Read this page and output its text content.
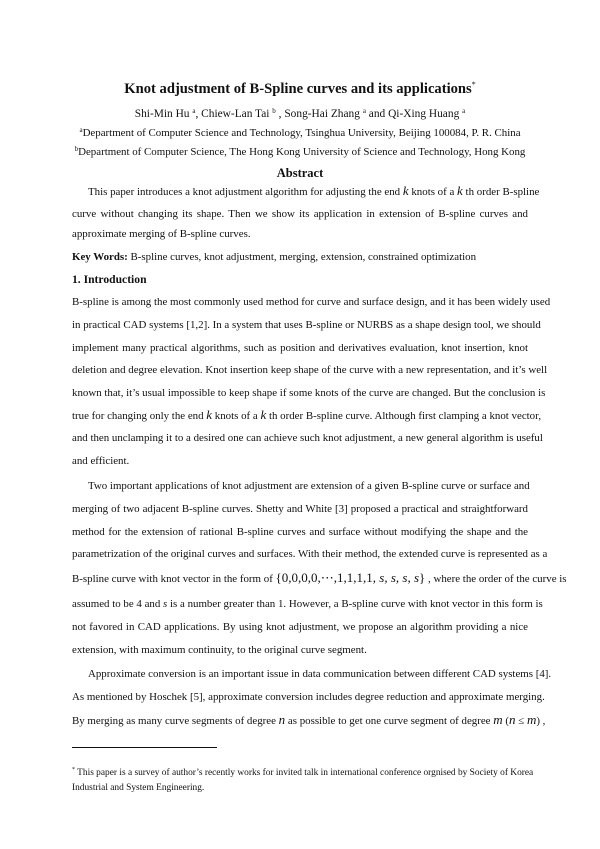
Knot adjustment of B-Spline curves and its applications*
Shi-Min Hu $^a$, Chiew-Lan Tai $^b$ , Song-Hai Zhang $^a$ and Qi-Xing Huang $^a$
$^a$Department of Computer Science and Technology, Tsinghua University, Beijing 100084, P. R. China
$^b$Department of Computer Science, The Hong Kong University of Science and Technology, Hong Kong
Abstract
This paper introduces a knot adjustment algorithm for adjusting the end k knots of a k th order B-spline
curve without changing its shape. Then we show its application in extension of B-spline curves and
approximate merging of B-spline curves.
Key Words: B-spline curves, knot adjustment, merging, extension, constrained optimization
1. Introduction
B-spline is among the most commonly used method for curve and surface design, and it has been widely used
in practical CAD systems [1,2]. In a system that uses B-spline or NURBS as a shape design tool, we should
implement many practical algorithms, such as position and derivatives evaluation, knot insertion, knot
deletion and degree elevation. Knot insertion keep shape of the curve with a new representation, and it’s well
known that, it’s usual impossible to keep shape if some knots of the curve are changed. But the conclusion is
true for changing only the end k knots of a k th order B-spline curve. Although first clamping a knot vector,
and then unclamping it to a desired one can achieve such knot adjustment, a new general algorithm is useful
and efficient.
Two important applications of knot adjustment are extension of a given B-spline curve or surface and
merging of two adjacent B-spline curves. Shetty and White [3] proposed a practical and straightforward
method for the extension of rational B-spline curves and surface without modifying the shape and the
parametrization of the original curves and surfaces. With their method, the extended curve is represented as a
B-spline curve with knot vector in the form of {0,0,0,0,⋯,1,1,1,1, s, s, s, s} , where the order of the curve is
assumed to be 4 and s is a number greater than 1. However, a B-spline curve with knot vector in this form is
not favored in CAD applications. By using knot adjustment, we propose an algorithm providing a nice
extension, with maximum continuity, to the original curve segment.
Approximate conversion is an important issue in data communication between different CAD systems [4].
As mentioned by Hoschek [5], approximate conversion includes degree reduction and approximate merging.
By merging as many curve segments of degree n as possible to get one curve segment of degree m (n ≤ m) ,
* This paper is a survey of author’s recently works for invited talk in international conference orgnised by Society of Korea
Industrial and System Engineering.
